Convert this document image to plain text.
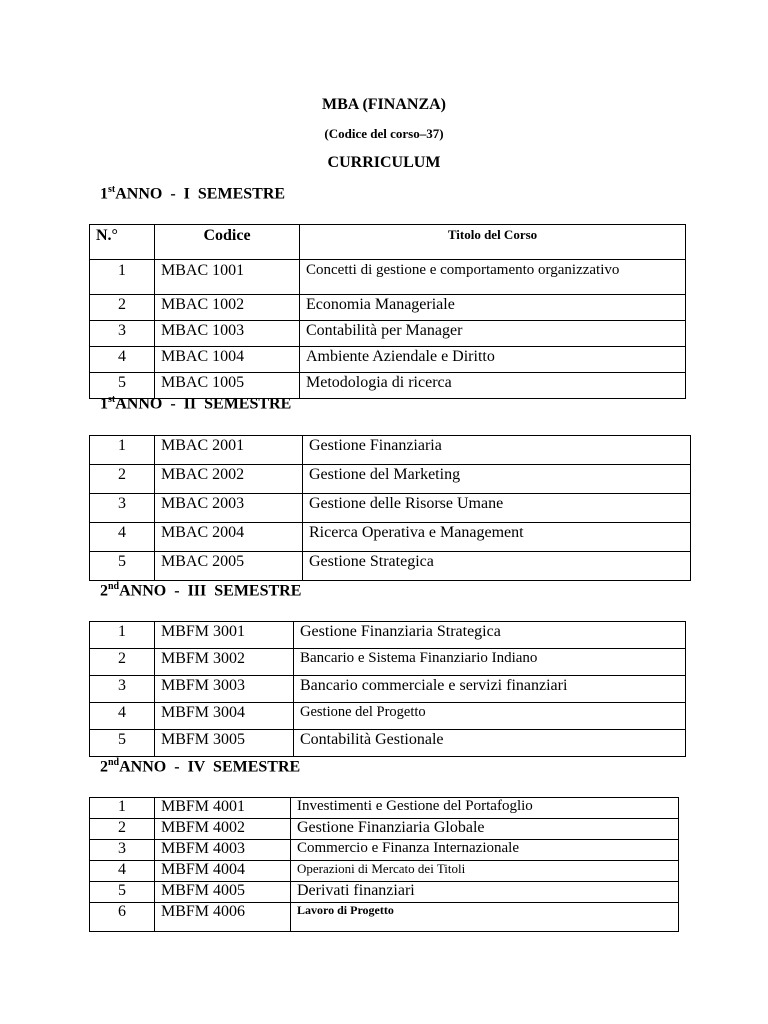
MBA (FINANZA)

(Codice del corso–37)

CURRICULUM

1stANNO  -  I  SEMESTRE

N.°	Codice	Titolo del Corso
1	MBAC 1001	Concetti di gestione e comportamento organizzativo
2	MBAC 1002	Economia Manageriale
3	MBAC 1003	Contabilità per Manager
4	MBAC 1004	Ambiente Aziendale e Diritto
5	MBAC 1005	Metodologia di ricerca

1stANNO  -  II  SEMESTRE

1	MBAC 2001	Gestione Finanziaria
2	MBAC 2002	Gestione del Marketing
3	MBAC 2003	Gestione delle Risorse Umane
4	MBAC 2004	Ricerca Operativa e Management
5	MBAC 2005	Gestione Strategica

2ndANNO  -  III  SEMESTRE

1	MBFM 3001	Gestione Finanziaria Strategica
2	MBFM 3002	Bancario e Sistema Finanziario Indiano
3	MBFM 3003	Bancario commerciale e servizi finanziari
4	MBFM 3004	Gestione del Progetto
5	MBFM 3005	Contabilità Gestionale

2ndANNO  -  IV  SEMESTRE

1	MBFM 4001	Investimenti e Gestione del Portafoglio
2	MBFM 4002	Gestione Finanziaria Globale
3	MBFM 4003	Commercio e Finanza Internazionale
4	MBFM 4004	Operazioni di Mercato dei Titoli
5	MBFM 4005	Derivati finanziari
6	MBFM 4006	Lavoro di Progetto
